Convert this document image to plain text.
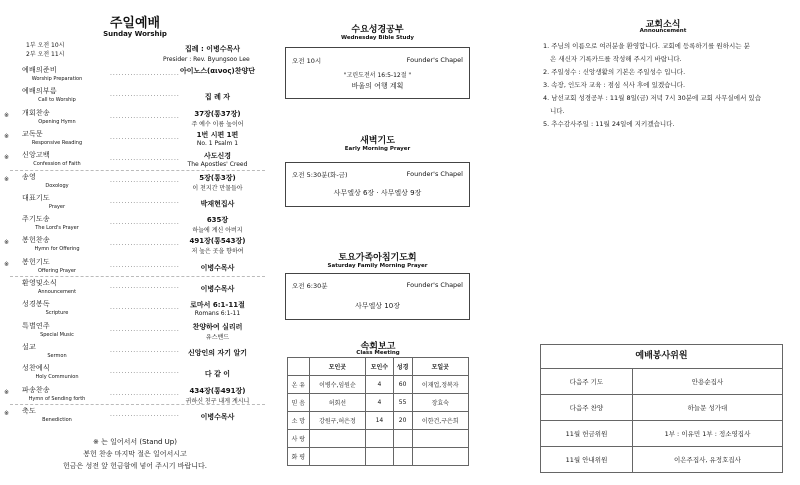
주일예배
Sunday Worship
1부 오전 10시
2부 오전 11시
집례 : 이병수목사
Presider : Rev. Byungsoo Lee
예배의준비
Worship Preparation
........................ 아이노스(αινος)찬양단
예배의부름
Call to Worship
........................	집 례 자
※ 개회찬송
Opening Hymn
........................	37장(통37장)
주 예수 이름 높이어
※ 교독문
Responsive Reading
........................	1번 시편 1편
No. 1 Psalm 1
※ 신앙고백
Confession of Faith
........................	사도신경
The Apostles' Creed
※ 송영
Doxology
........................	5장(통3장)
이 천지간 만물들아
대표기도
Prayer
........................	박재현집사
주기도송
The Lord's Prayer
........................	635장
하늘에 계신 아버지
※ 봉헌찬송
Hymn for Offering
........................	491장(통543장)
저 높은 곳을 향하여
※ 봉헌기도
Offering Prayer
........................	이병수목사
환영및소식
Announcement
........................	이병수목사
성경봉독
Scripture
........................	로마서 6:1-11절
Romans 6:1-11
특별연주
Special Music
........................	찬양하여 실리러
유스밴드
설교
Sermon
........................	신앙인의 자기 알기
성찬예식
Holy Communion
........................	다 같 이
※ 파송찬송
Hymn of Sending forth
........................	434장(통491장)
귀하신 친구 내게 계시니
※ 축도
Benediction
........................	이병수목사
※ 는 일어서서 (Stand Up)
봉헌 찬송 마지막 절은 일어서시고
헌금은 성전 앞 헌금함에 넣어 주시기 바랍니다.
수요성경공부
Wednesday Bible Study
오전 10시	Founder's Chapel
"고린도전서 16:5-12절 "
바울의 여행 계획
새벽기도
Early Morning Prayer
오전 5:30분(화-금)	Founder's Chapel
사무엘상 6장 · 사무엘상 9장
토요가족아침기도회
Saturday Family Morning Prayer
오전 6:30분	Founder's Chapel
사무엘상 10장
속회보고
Class Meeting
	모인곳	모인수	성경	모일곳
온 유	이병수,임원순	4	60	이재업,정복자
믿 음	허회선	4	55	장효숙
소 망	강원구,허은정	14	20	이한건,구은희
사 랑				
화 평				
교회소식
Announcement
1. 주님의 이름으로 여러분을 환영합니다. 교회에 등록하기를 원하시는 분
은 새신자 기록카드를 작성해 주시기 바랍니다.
2. 주일성수 : 신앙생활의 기본은 주일성수 입니다.
3. 속장, 인도자 교육 : 점심 식사 후에 있겠습니다.
4. 남선교회 성경공부 : 11월 8일(금) 저녁 7시 30분에 교회 사무실에서 있습
니다.
5. 추수감사주일 : 11월 24일에 지키겠습니다.
예배봉사위원
다음주 기도	안용순집사
다음주 찬양	하늘문 성가대
11월 헌금위원	1부 : 이유민 1부 : 정소영집사
11월 안내위원	이은주집사, 유정호집사
